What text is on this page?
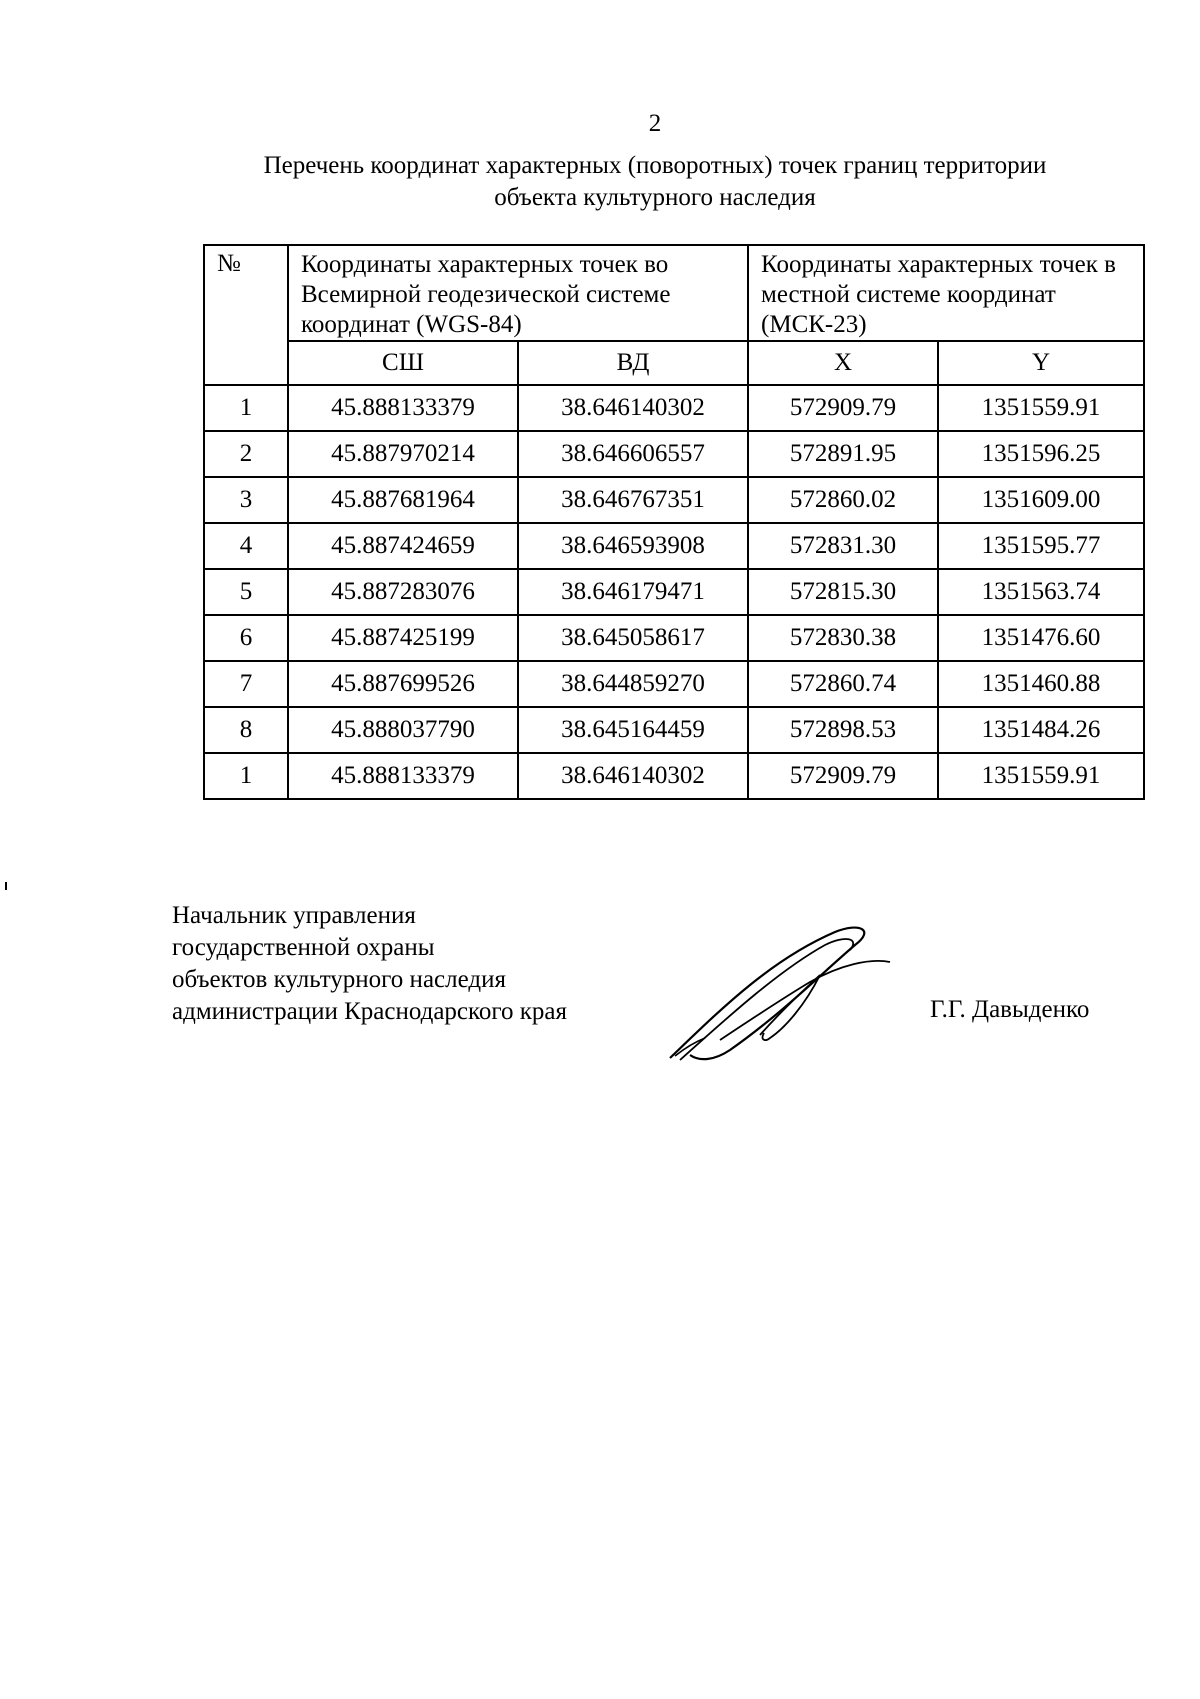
2
Перечень координат характерных (поворотных) точек границ территории
объекта культурного наследия
№	Координаты характерных точек во Всемирной геодезической системе координат (WGS-84)		Координаты характерных точек в местной системе координат (МСК-23)	
	СШ	ВД	X	Y
1	45.888133379	38.646140302	572909.79	1351559.91
2	45.887970214	38.646606557	572891.95	1351596.25
3	45.887681964	38.646767351	572860.02	1351609.00
4	45.887424659	38.646593908	572831.30	1351595.77
5	45.887283076	38.646179471	572815.30	1351563.74
6	45.887425199	38.645058617	572830.38	1351476.60
7	45.887699526	38.644859270	572860.74	1351460.88
8	45.888037790	38.645164459	572898.53	1351484.26
1	45.888133379	38.646140302	572909.79	1351559.91
Начальник управления
государственной охраны
объектов культурного наследия
администрации Краснодарского края	Г.Г. Давыденко
